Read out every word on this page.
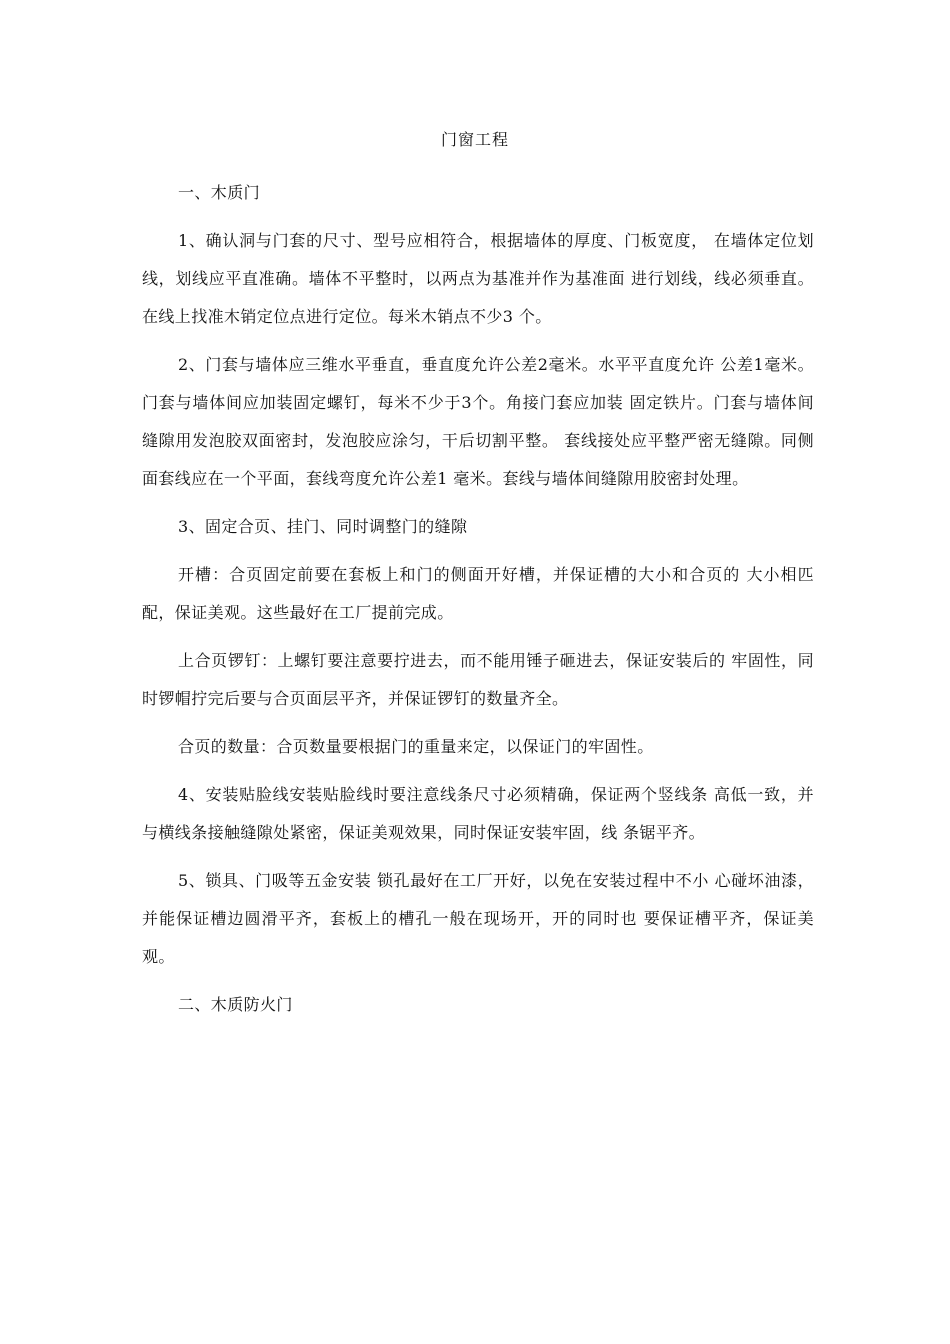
门窗工程

一、木质门

1、确认洞与门套的尺寸、型号应相符合，根据墙体的厚度、门板宽度， 在墙体定位划线，划线应平直准确。墙体不平整时，以两点为基准并作为基准面 进行划线，线必须垂直。在线上找准木销定位点进行定位。每米木销点不少3 个。

2、门套与墙体应三维水平垂直，垂直度允许公差2毫米。水平平直度允许 公差1毫米。门套与墙体间应加装固定螺钉，每米不少于3个。角接门套应加装 固定铁片。门套与墙体间缝隙用发泡胶双面密封，发泡胶应涂匀，干后切割平整。 套线接处应平整严密无缝隙。同侧面套线应在一个平面，套线弯度允许公差1 毫米。套线与墙体间缝隙用胶密封处理。

3、固定合页、挂门、同时调整门的缝隙

开槽：合页固定前要在套板上和门的侧面开好槽，并保证槽的大小和合页的 大小相匹配，保证美观。这些最好在工厂提前完成。

上合页锣钉：上螺钉要注意要拧进去，而不能用锤子砸进去，保证安装后的 牢固性，同时锣帽拧完后要与合页面层平齐，并保证锣钉的数量齐全。

合页的数量：合页数量要根据门的重量来定，以保证门的牢固性。

4、安装贴脸线安装贴脸线时要注意线条尺寸必须精确，保证两个竖线条 高低一致，并与横线条接触缝隙处紧密，保证美观效果，同时保证安装牢固，线 条锯平齐。

5、锁具、门吸等五金安装 锁孔最好在工厂开好，以免在安装过程中不小 心碰坏油漆，并能保证槽边圆滑平齐，套板上的槽孔一般在现场开，开的同时也 要保证槽平齐，保证美观。

二、木质防火门
